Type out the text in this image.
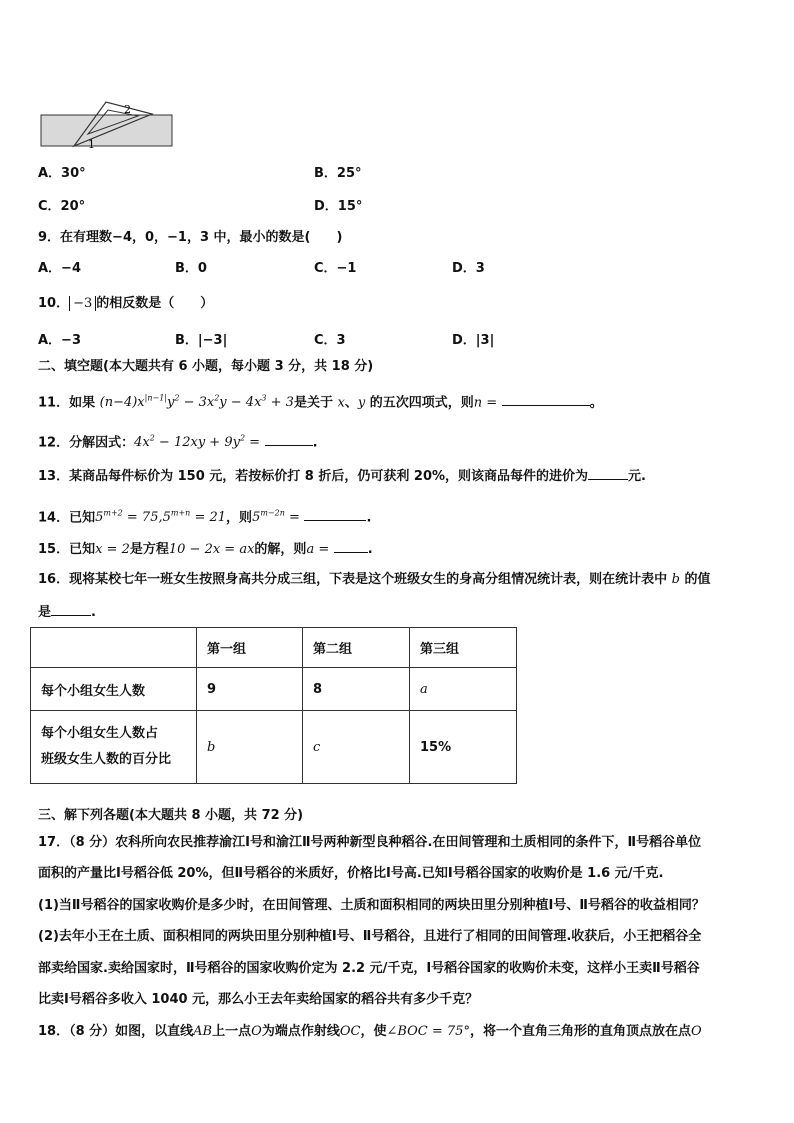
1
2
A．30°	B．25°
C．20°	D．15°
9．在有理数−4，0，−1，3 中，最小的数是(　　)
A．−4	B．0	C．−1	D．3
10． −3 的相反数是（　　）
A．−3	B．|−3|	C．3	D．|3|
二、填空题(本大题共有 6 小题，每小题 3 分，共 18 分)
11．如果 $(n-4)x^{|n-1|}y^2 - 3x^2y - 4x^3 + 3$是关于 x、y 的五次四项式，则n =	。
12．分解因式：$4x^2 - 12xy + 9y^2$ =	.
13．某商品每件标价为 150 元，若按标价打 8 折后，仍可获利 20%，则该商品每件的进价为	元.
14．已知$5^{m+2} = 75,5^{m+n} = 21$，则$5^{m-2n}$ =	.
15．已知x = 2是方程10 − 2x = ax的解，则a =	.
16．现将某校七年一班女生按照身高共分成三组，下表是这个班级女生的身高分组情况统计表，则在统计表中 b 的值
是	.
	第一组	第二组	第三组
每个小组女生人数	9	8	a
每个小组女生人数占
班级女生人数的百分比	b	c	15%
三、解下列各题(本大题共 8 小题，共 72 分)
17．（8 分）农科所向农民推荐渝江Ⅰ号和渝江Ⅱ号两种新型良种稻谷.在田间管理和土质相同的条件下，Ⅱ号稻谷单位
面积的产量比Ⅰ号稻谷低 20%，但Ⅱ号稻谷的米质好，价格比Ⅰ号高.已知Ⅰ号稻谷国家的收购价是 1.6 元/千克.
(1)当Ⅱ号稻谷的国家收购价是多少时，在田间管理、土质和面积相同的两块田里分别种植Ⅰ号、Ⅱ号稻谷的收益相同？
(2)去年小王在土质、面积相同的两块田里分别种植Ⅰ号、Ⅱ号稻谷，且进行了相同的田间管理.收获后，小王把稻谷全
部卖给国家.卖给国家时，Ⅱ号稻谷的国家收购价定为 2.2 元/千克，Ⅰ号稻谷国家的收购价未变，这样小王卖Ⅱ号稻谷
比卖Ⅰ号稻谷多收入 1040 元，那么小王去年卖给国家的稻谷共有多少千克？
18．（8 分）如图，以直线AB上一点O为端点作射线OC，使∠BOC = 75°，将一个直角三角形的直角顶点放在点O
